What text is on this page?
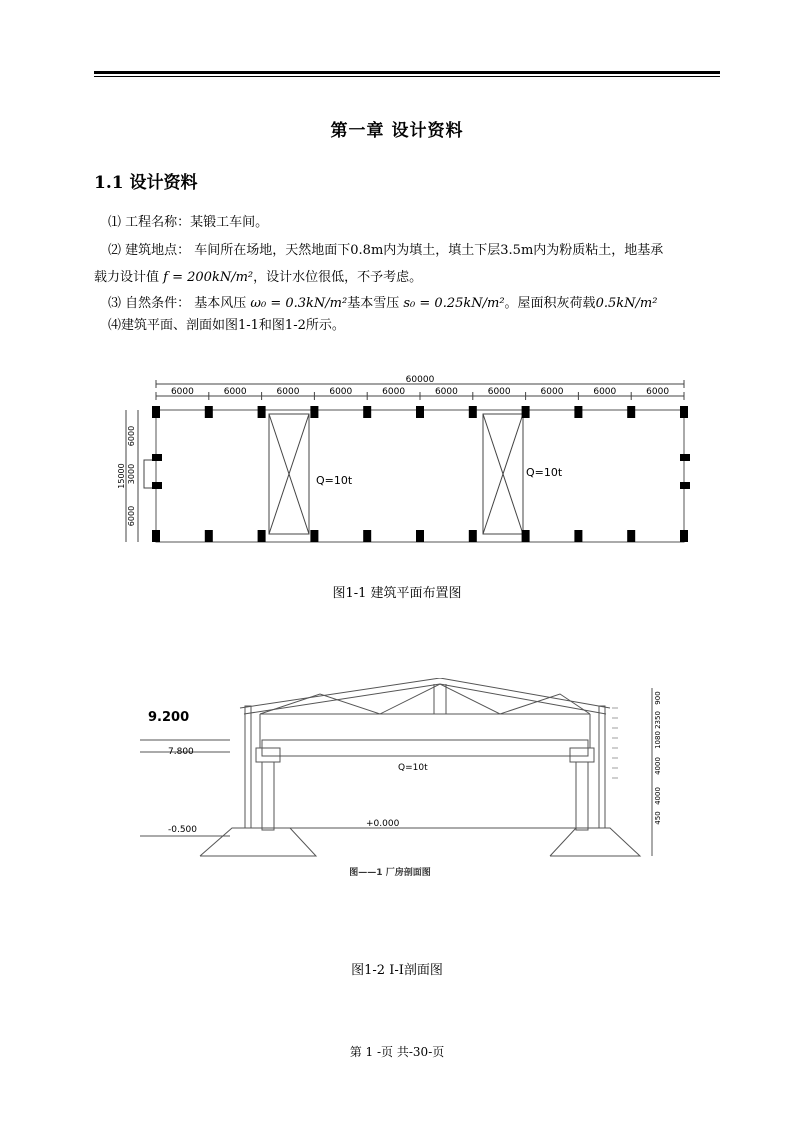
第一章 设计资料
1.1 设计资料
⑴ 工程名称：某锻工车间。
⑵ 建筑地点： 车间所在场地，天然地面下0.8m内为填土，填土下层3.5m内为粉质粘土，地基承
载力设计值 f = 200kN/m²，设计水位很低，不予考虑。
⑶ 自然条件： 基本风压 ω₀ = 0.3kN/m²基本雪压 s₀ = 0.25kN/m²。屋面积灰荷载0.5kN/m²
⑷建筑平面、剖面如图1-1和图1-2所示。
60000
6000	6000	6000	6000	6000	6000	6000	6000	6000	6000
15000
6000
3000
6000
Q=10t
Q=10t
图1-1 建筑平面布置图
9.200
7.800
-0.500
+0.000
Q=10t
图——1 厂房剖面图
900
2350
1080
4000
4000
450
图1-2 I-I剖面图
第 1 -页 共-30-页
